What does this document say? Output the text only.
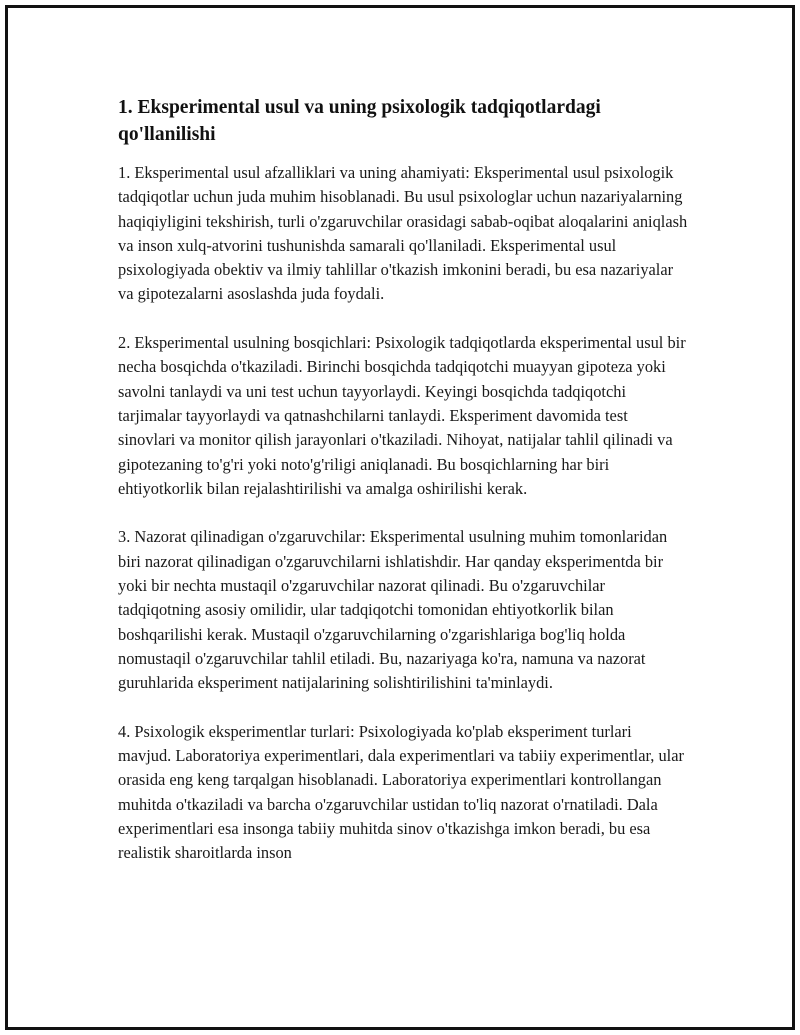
1. Eksperimental usul va uning psixologik tadqiqotlardagi qo'llanilishi

1. Eksperimental usul afzalliklari va uning ahamiyati: Eksperimental usul psixologik tadqiqotlar uchun juda muhim hisoblanadi. Bu usul psixologlar uchun nazariyalarning haqiqiyligini tekshirish, turli o'zgaruvchilar orasidagi sabab-oqibat aloqalarini aniqlash va inson xulq-atvorini tushunishda samarali qo'llaniladi. Eksperimental usul psixologiyada obektiv va ilmiy tahlillar o'tkazish imkonini beradi, bu esa nazariyalar va gipotezalarni asoslashda juda foydali.

2. Eksperimental usulning bosqichlari: Psixologik tadqiqotlarda eksperimental usul bir necha bosqichda o'tkaziladi. Birinchi bosqichda tadqiqotchi muayyan gipoteza yoki savolni tanlaydi va uni test uchun tayyorlaydi. Keyingi bosqichda tadqiqotchi tarjimalar tayyorlaydi va qatnashchilarni tanlaydi. Eksperiment davomida test sinovlari va monitor qilish jarayonlari o'tkaziladi. Nihoyat, natijalar tahlil qilinadi va gipotezaning to'g'ri yoki noto'g'riligi aniqlanadi. Bu bosqichlarning har biri ehtiyotkorlik bilan rejalashtirilishi va amalga oshirilishi kerak.

3. Nazorat qilinadigan o'zgaruvchilar: Eksperimental usulning muhim tomonlaridan biri nazorat qilinadigan o'zgaruvchilarni ishlatishdir. Har qanday eksperimentda bir yoki bir nechta mustaqil o'zgaruvchilar nazorat qilinadi. Bu o'zgaruvchilar tadqiqotning asosiy omilidir, ular tadqiqotchi tomonidan ehtiyotkorlik bilan boshqarilishi kerak. Mustaqil o'zgaruvchilarning o'zgarishlariga bog'liq holda nomustaqil o'zgaruvchilar tahlil etiladi. Bu, nazariyaga ko'ra, namuna va nazorat guruhlarida eksperiment natijalarining solishtirilishini ta'minlaydi.

4. Psixologik eksperimentlar turlari: Psixologiyada ko'plab eksperiment turlari mavjud. Laboratoriya experimentlari, dala experimentlari va tabiiy experimentlar, ular orasida eng keng tarqalgan hisoblanadi. Laboratoriya experimentlari kontrollangan muhitda o'tkaziladi va barcha o'zgaruvchilar ustidan to'liq nazorat o'rnatiladi. Dala experimentlari esa insonga tabiiy muhitda sinov o'tkazishga imkon beradi, bu esa realistik sharoitlarda inson
